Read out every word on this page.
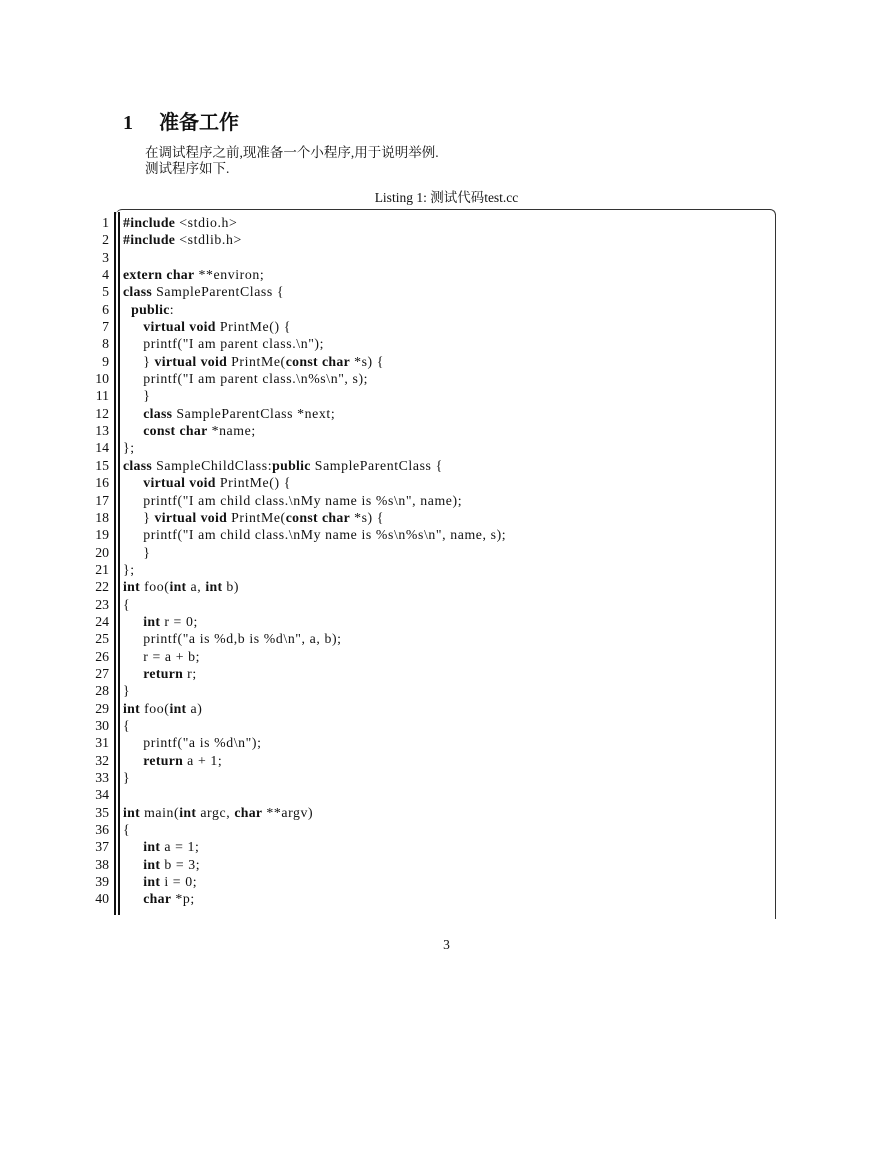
1	准备工作
在调试程序之前,现准备一个小程序,用于说明举例.
测试程序如下.
Listing 1: 测试代码test.cc
1	#include <stdio.h>
2	#include <stdlib.h>
3
4	extern char **environ;
5	class SampleParentClass {
6	public:
7	virtual void PrintMe() {
8	printf("I am parent class.\n");
9	} virtual void PrintMe(const char *s) {
10	printf("I am parent class.\n%s\n", s);
11	}
12	class SampleParentClass *next;
13	const char *name;
14	};
15	class SampleChildClass:public SampleParentClass {
16	virtual void PrintMe() {
17	printf("I am child class.\nMy name is %s\n", name);
18	} virtual void PrintMe(const char *s) {
19	printf("I am child class.\nMy name is %s\n%s\n", name, s);
20	}
21	};
22	int foo(int a, int b)
23	{
24	int r = 0;
25	printf("a is %d,b is %d\n", a, b);
26	r = a + b;
27	return r;
28	}
29	int foo(int a)
30	{
31	printf("a is %d\n");
32	return a + 1;
33	}
34
35	int main(int argc, char **argv)
36	{
37	int a = 1;
38	int b = 3;
39	int i = 0;
40	char *p;
3
